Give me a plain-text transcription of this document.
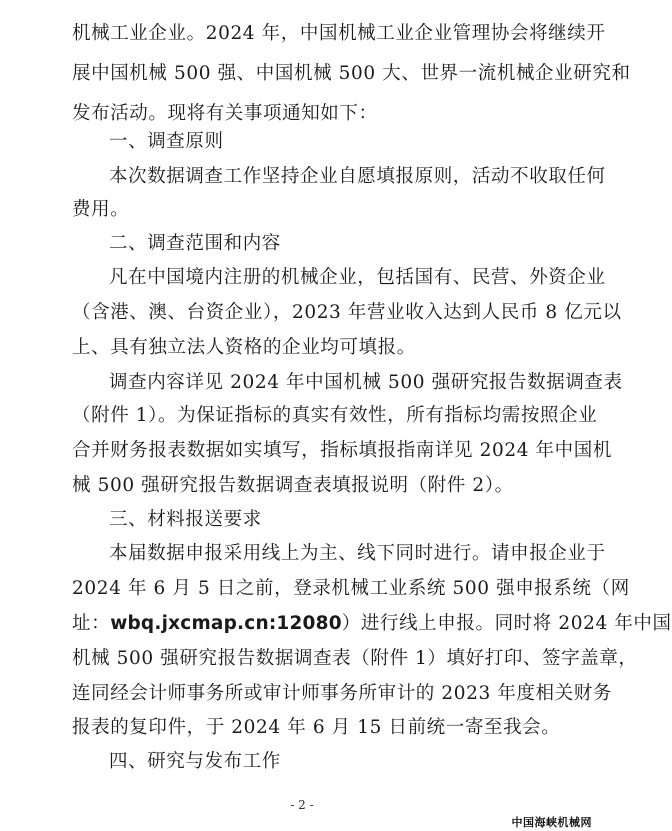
机械工业企业。2024 年，中国机械工业企业管理协会将继续开
展中国机械 500 强、中国机械 500 大、世界一流机械企业研究和
发布活动。现将有关事项通知如下：
一、调查原则
本次数据调查工作坚持企业自愿填报原则，活动不收取任何
费用。
二、调查范围和内容
凡在中国境内注册的机械企业，包括国有、民营、外资企业
（含港、澳、台资企业），2023 年营业收入达到人民币 8 亿元以
上、具有独立法人资格的企业均可填报。
调查内容详见 2024 年中国机械 500 强研究报告数据调查表
（附件 1）。为保证指标的真实有效性，所有指标均需按照企业
合并财务报表数据如实填写，指标填报指南详见 2024 年中国机
械 500 强研究报告数据调查表填报说明（附件 2）。
三、材料报送要求
本届数据申报采用线上为主、线下同时进行。请申报企业于
2024 年 6 月 5 日之前，登录机械工业系统 500 强申报系统（网
址：wbq.jxcmap.cn:12080）进行线上申报。同时将 2024 年中国
机械 500 强研究报告数据调查表（附件 1）填好打印、签字盖章，
连同经会计师事务所或审计师事务所审计的 2023 年度相关财务
报表的复印件，于 2024 年 6 月 15 日前统一寄至我会。
四、研究与发布工作
- 2 -
中国海峡机械网
